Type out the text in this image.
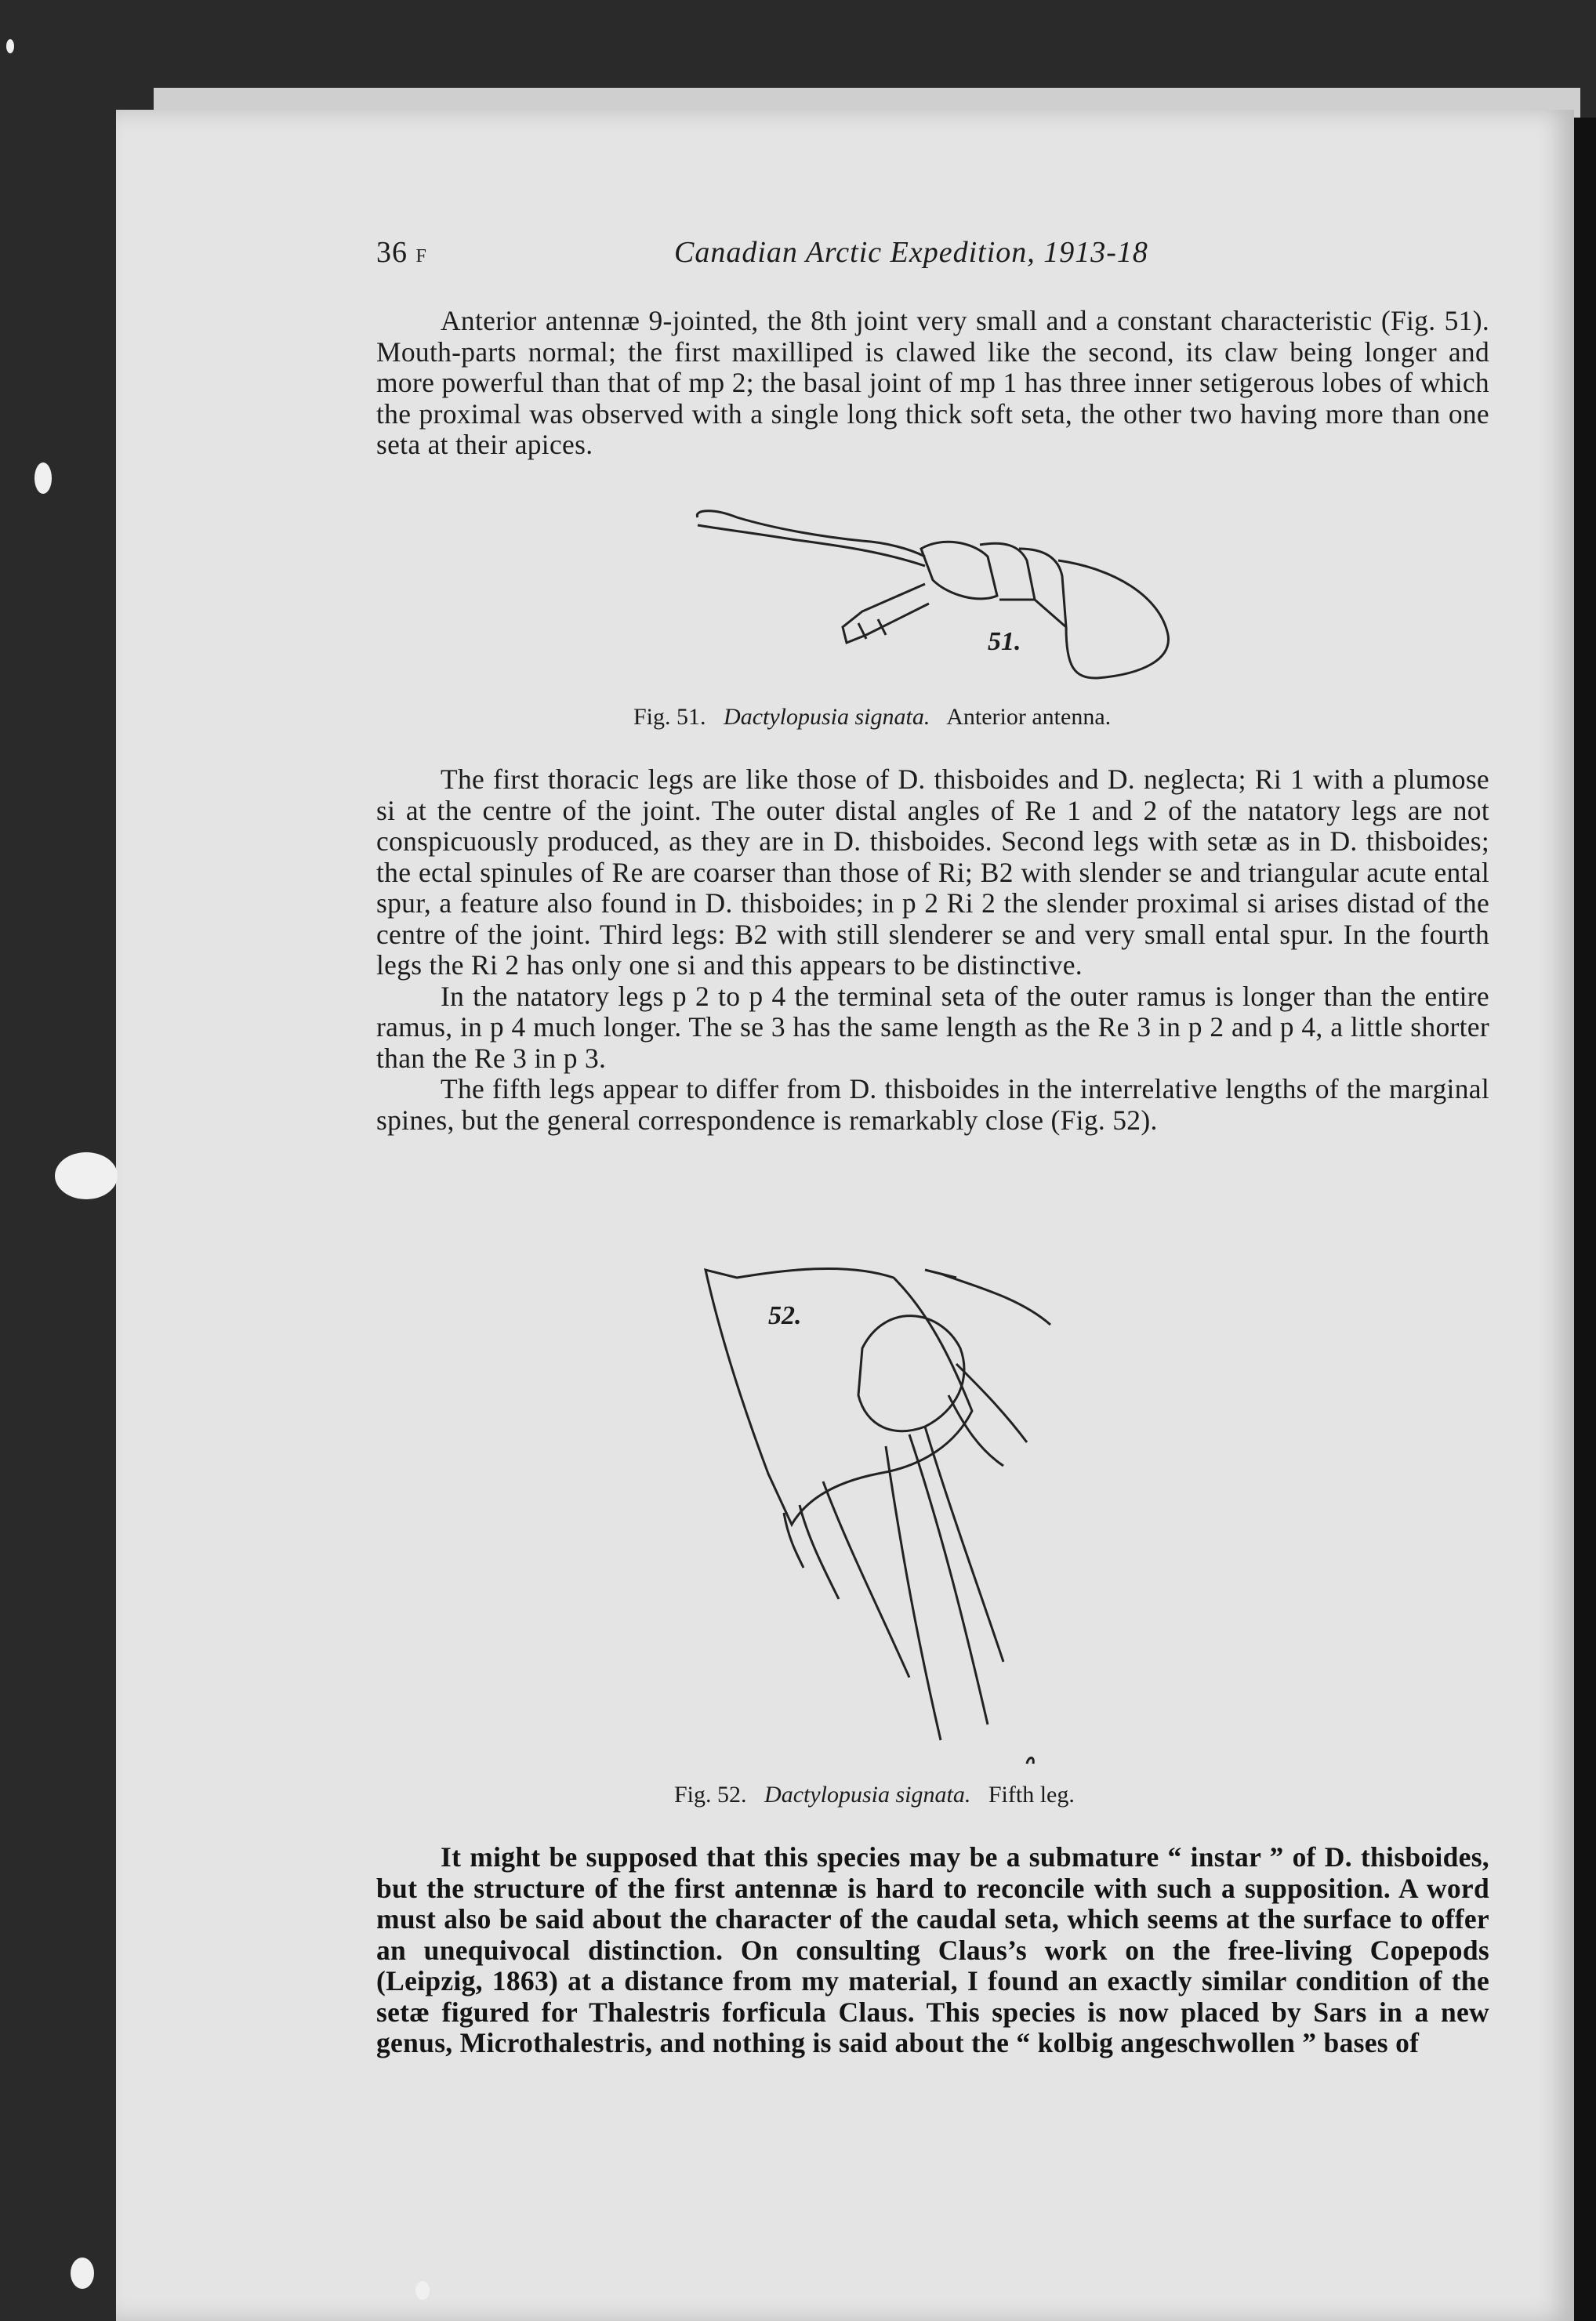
36 F	Canadian Arctic Expedition, 1913-18

Anterior antennæ 9-jointed, the 8th joint very small and a constant characteristic (Fig. 51). Mouth-parts normal; the first maxilliped is clawed like the second, its claw being longer and more powerful than that of mp 2; the basal joint of mp 1 has three inner setigerous lobes of which the proximal was observed with a single long thick soft seta, the other two having more than one seta at their apices.

51.
Fig. 51. Dactylopusia signata. Anterior antenna.

The first thoracic legs are like those of D. thisboides and D. neglecta; Ri 1 with a plumose si at the centre of the joint. The outer distal angles of Re 1 and 2 of the natatory legs are not conspicuously produced, as they are in D. thisboides. Second legs with setæ as in D. thisboides; the ectal spinules of Re are coarser than those of Ri; B2 with slender se and triangular acute ental spur, a feature also found in D. thisboides; in p 2 Ri 2 the slender proximal si arises distad of the centre of the joint. Third legs: B2 with still slenderer se and very small ental spur. In the fourth legs the Ri 2 has only one si and this appears to be distinctive.

In the natatory legs p 2 to p 4 the terminal seta of the outer ramus is longer than the entire ramus, in p 4 much longer. The se 3 has the same length as the Re 3 in p 2 and p 4, a little shorter than the Re 3 in p 3.

The fifth legs appear to differ from D. thisboides in the interrelative lengths of the marginal spines, but the general correspondence is remarkably close (Fig. 52).

52.
Fig. 52. Dactylopusia signata. Fifth leg.

It might be supposed that this species may be a submature “ instar ” of D. thisboides, but the structure of the first antennæ is hard to reconcile with such a supposition. A word must also be said about the character of the caudal seta, which seems at the surface to offer an unequivocal distinction. On consulting Claus’s work on the free-living Copepods (Leipzig, 1863) at a distance from my material, I found an exactly similar condition of the setæ figured for Thalestris forficula Claus. This species is now placed by Sars in a new genus, Microthalestris, and nothing is said about the “ kolbig angeschwollen ” bases of
